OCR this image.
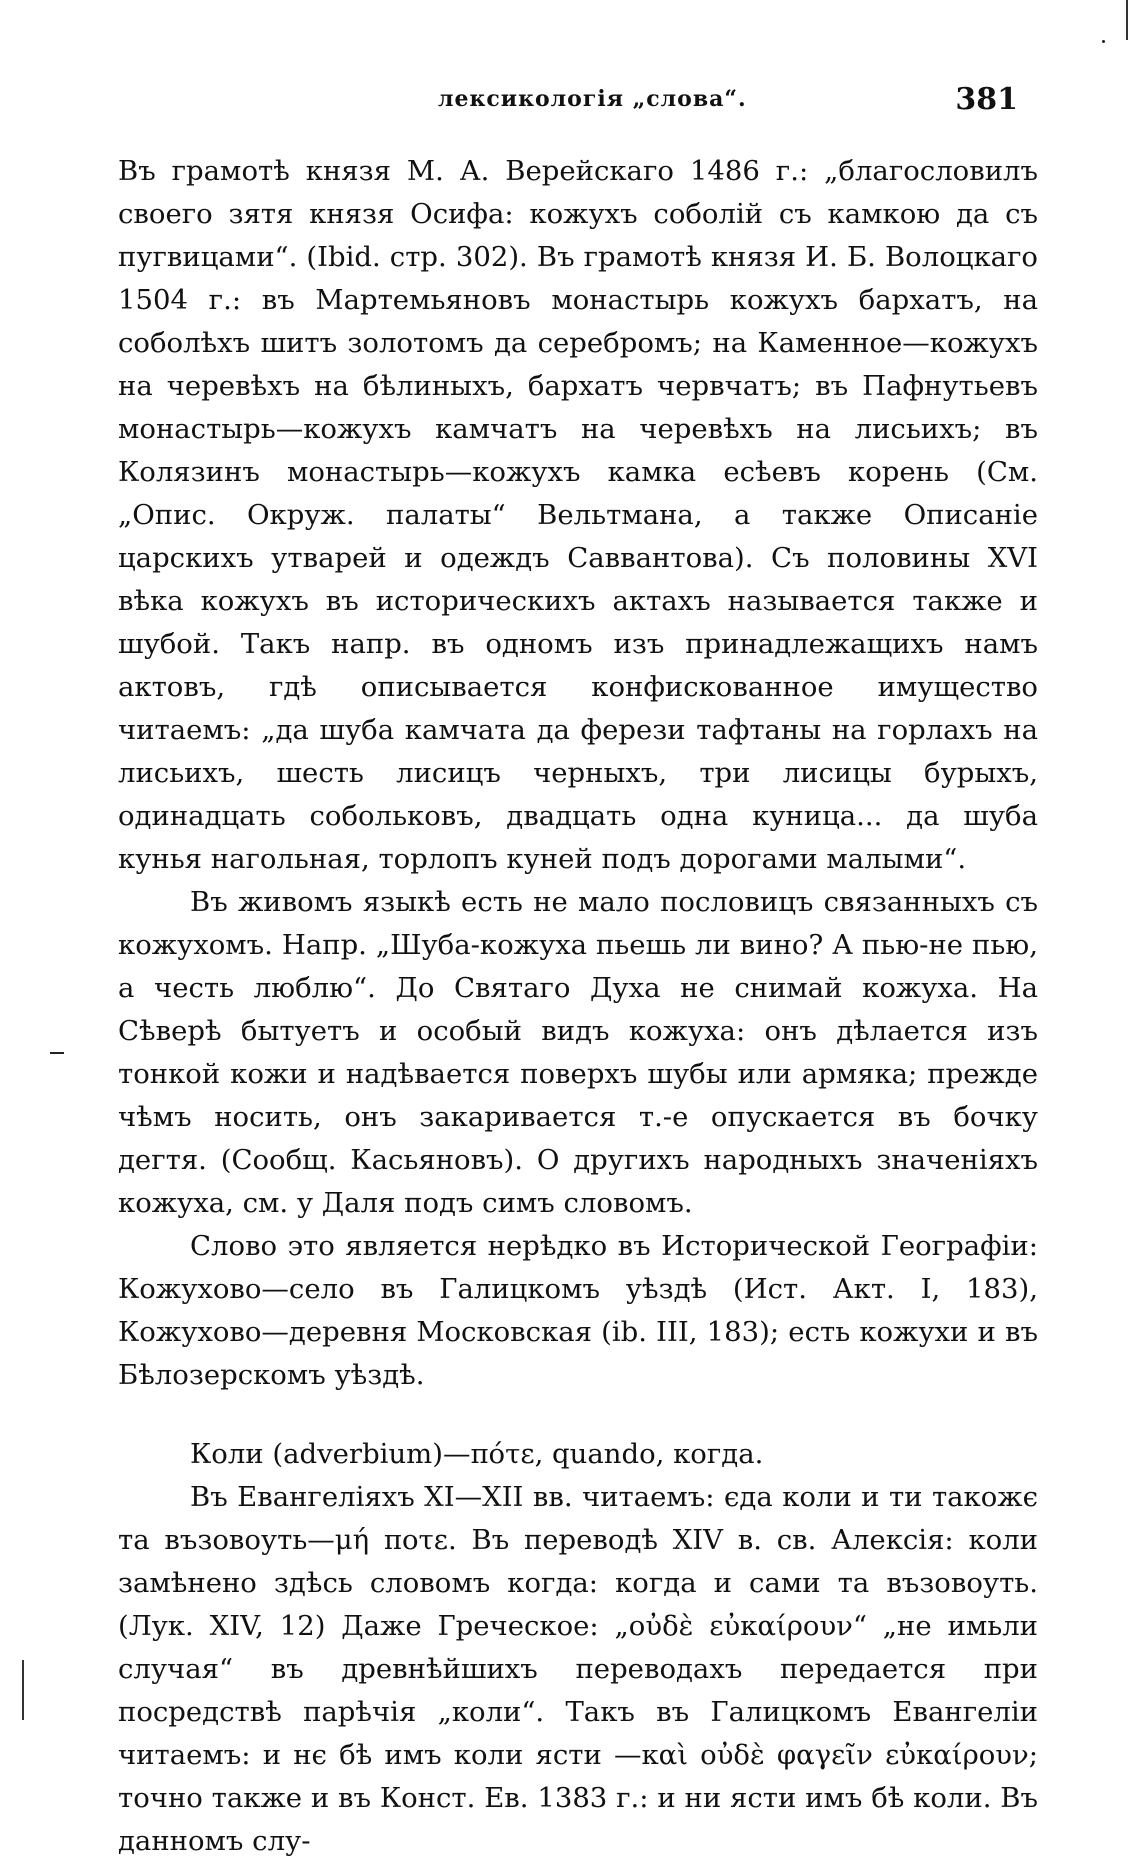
лексикологія „слова“.	381

Въ грамотѣ князя М. А. Верейскаго 1486 г.: „благословилъ своего зятя князя Осифа: кожухъ соболій съ камкою да съ пугвицами“. (Ibid. стр. 302). Въ грамотѣ князя И. Б. Волоцкаго 1504 г.: въ Мартемьяновъ монастырь кожухъ бархатъ, на соболѣхъ шитъ золотомъ да серебромъ; на Каменное—кожухъ на черевѣхъ на бѣлиныхъ, бархатъ червчатъ; въ Пафнутьевъ монастырь—кожухъ камчатъ на черевѣхъ на лисьихъ; въ Колязинъ монастырь—кожухъ камка есѣевъ корень (См. „Опис. Окруж. палаты“ Вельтмана, а также Описаніе царскихъ утварей и одеждъ Саввантова). Съ половины XVI вѣка кожухъ въ историческихъ актахъ называется также и шубой. Такъ напр. въ одномъ изъ принадлежащихъ намъ актовъ, гдѣ описывается конфискованное имущество читаемъ: „да шуба камчата да ферези тафтаны на горлахъ на лисьихъ, шесть лисицъ черныхъ, три лисицы бурыхъ, одинадцать собольковъ, двадцать одна куница... да шуба кунья нагольная, торлопъ куней подъ дорогами малыми“.

Въ живомъ языкѣ есть не мало пословицъ связанныхъ съ кожухомъ. Напр. „Шуба-кожуха пьешь ли вино? А пью-не пью, а честь люблю“. До Святаго Духа не снимай кожуха. На Сѣверѣ бытуетъ и особый видъ кожуха: онъ дѣлается изъ тонкой кожи и надѣвается поверхъ шубы или армяка; прежде чѣмъ носить, онъ закаривается т.-е опускается въ бочку дегтя. (Сообщ. Касьяновъ). О другихъ народныхъ значеніяхъ кожуха, см. у Даля подъ симъ словомъ.

Слово это является нерѣдко въ Исторической Географіи: Кожухово—село въ Галицкомъ уѣздѣ (Ист. Акт. I, 183), Кожухово—деревня Московская (ib. III, 183); есть кожухи и въ Бѣлозерскомъ уѣздѣ.

Коли (adverbium)—πότε, quando, когда.

Въ Евангеліяхъ XI—XII вв. читаемъ: єда коли и ти такожє та възовоуть—μή ποτε. Въ переводѣ XIV в. св. Алексія: коли замѣнено здѣсь словомъ когда: когда и сами та възовоуть. (Лук. XIV, 12) Даже Греческое: „οὐδὲ εὐκαίρουν“ „не имьли случая“ въ древнѣйшихъ переводахъ передается при посредствѣ парѣчія „коли“. Такъ въ Галицкомъ Евангеліи читаемъ: и нє бѣ имъ коли ясти —καὶ οὐδὲ φαγεῖν εὐκαίρουν; точно также и въ Конст. Ев. 1383 г.: и ни ясти имъ бѣ коли. Въ данномъ слу-
